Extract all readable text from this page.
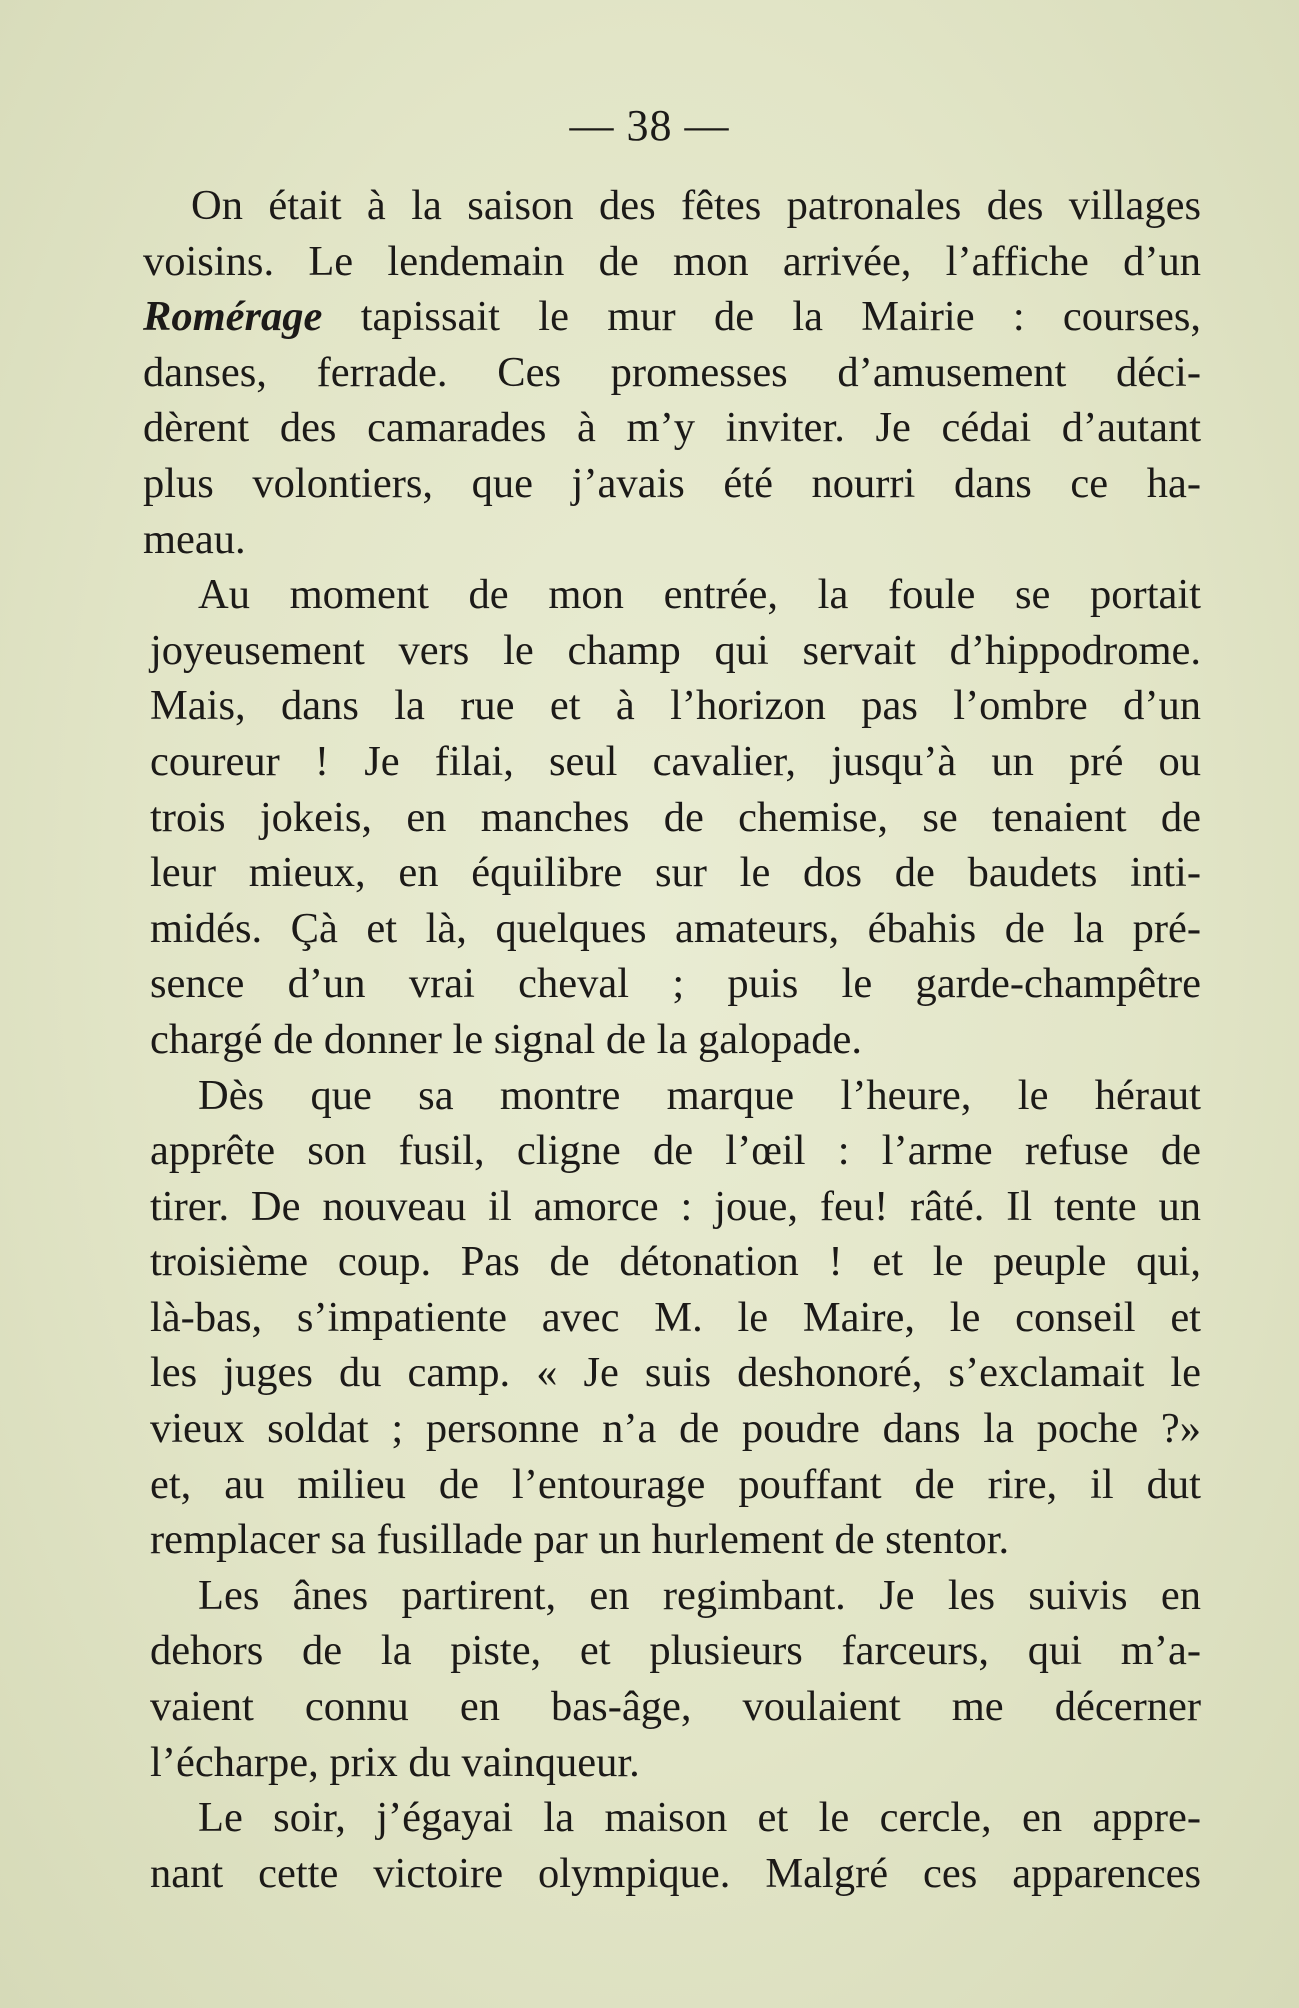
— 38 —

On était à la saison des fêtes patronales des villages
voisins. Le lendemain de mon arrivée, l’affiche d’un
Romérage tapissait le mur de la Mairie : courses,
danses, ferrade. Ces promesses d’amusement déci-
dèrent des camarades à m’y inviter. Je cédai d’autant
plus volontiers, que j’avais été nourri dans ce ha-
meau.

Au moment de mon entrée, la foule se portait
joyeusement vers le champ qui servait d’hippodrome.
Mais, dans la rue et à l’horizon pas l’ombre d’un
coureur ! Je filai, seul cavalier, jusqu’à un pré ou
trois jokeis, en manches de chemise, se tenaient de
leur mieux, en équilibre sur le dos de baudets inti-
midés. Çà et là, quelques amateurs, ébahis de la pré-
sence d’un vrai cheval ; puis le garde-champêtre
chargé de donner le signal de la galopade.

Dès que sa montre marque l’heure, le héraut
apprête son fusil, cligne de l’œil : l’arme refuse de
tirer. De nouveau il amorce : joue, feu! râté. Il tente un
troisième coup. Pas de détonation ! et le peuple qui,
là-bas, s’impatiente avec M. le Maire, le conseil et
les juges du camp. « Je suis deshonoré, s’exclamait le
vieux soldat ; personne n’a de poudre dans la poche ?»
et, au milieu de l’entourage pouffant de rire, il dut
remplacer sa fusillade par un hurlement de stentor.

Les ânes partirent, en regimbant. Je les suivis en
dehors de la piste, et plusieurs farceurs, qui m’a-
vaient connu en bas-âge, voulaient me décerner
l’écharpe, prix du vainqueur.

Le soir, j’égayai la maison et le cercle, en appre-
nant cette victoire olympique. Malgré ces apparences
